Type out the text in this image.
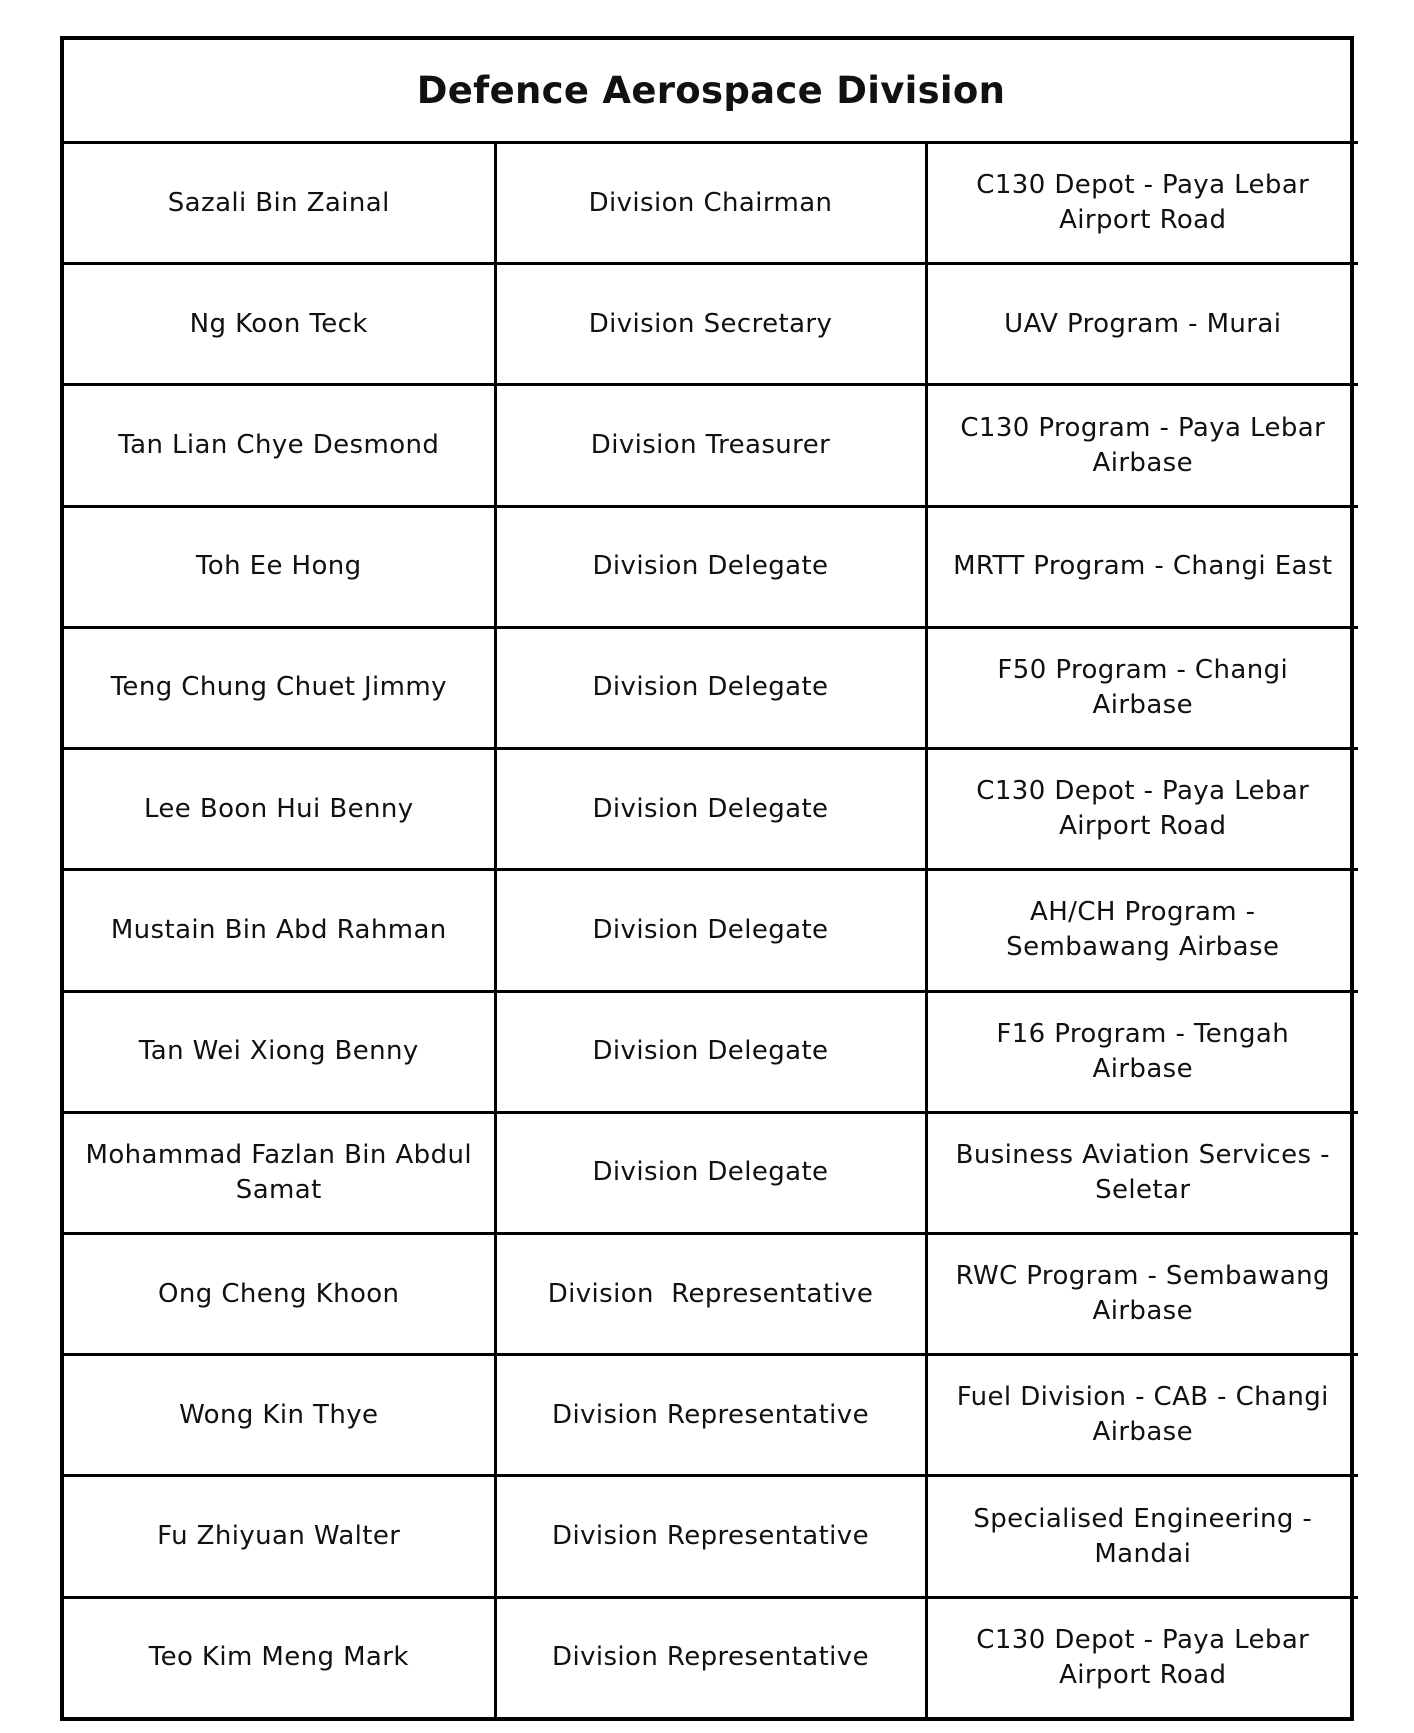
Defence Aerospace Division		
Sazali Bin Zainal	Division Chairman	C130 Depot - Paya Lebar Airport Road
Ng Koon Teck	Division Secretary	UAV Program - Murai
Tan Lian Chye Desmond	Division Treasurer	C130 Program - Paya Lebar Airbase
Toh Ee Hong	Division Delegate	MRTT Program - Changi East
Teng Chung Chuet Jimmy	Division Delegate	F50 Program - Changi Airbase
Lee Boon Hui Benny	Division Delegate	C130 Depot - Paya Lebar Airport Road
Mustain Bin Abd Rahman	Division Delegate	AH/CH Program - Sembawang Airbase
Tan Wei Xiong Benny	Division Delegate	F16 Program - Tengah Airbase
Mohammad Fazlan Bin Abdul Samat	Division Delegate	Business Aviation Services - Seletar
Ong Cheng Khoon	Division  Representative	RWC Program - Sembawang Airbase
Wong Kin Thye	Division Representative	Fuel Division - CAB - Changi Airbase
Fu Zhiyuan Walter	Division Representative	Specialised Engineering - Mandai
Teo Kim Meng Mark	Division Representative	C130 Depot - Paya Lebar Airport Road
